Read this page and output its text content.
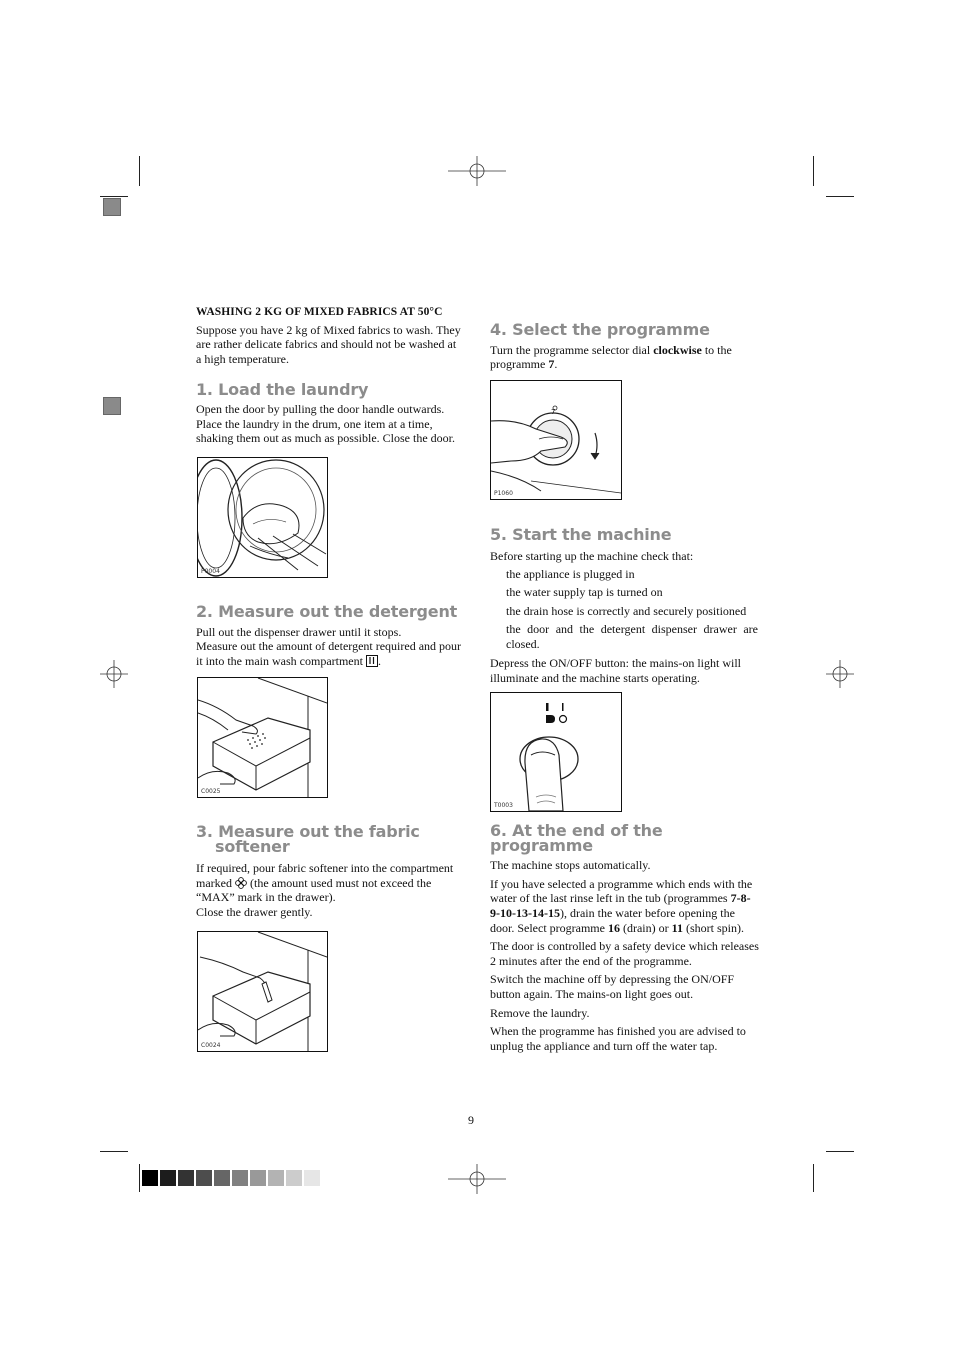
WASHING 2 KG OF MIXED FABRICS AT 50°C

Suppose you have 2 kg of Mixed fabrics to wash. They are rather delicate fabrics and should not be washed at a high temperature.

1. Load the laundry

Open the door by pulling the door handle outwards. Place the laundry in the drum, one item at a time, shaking them out as much as possible. Close the door.

P0004
2. Measure out the detergent

Pull out the dispenser drawer until it stops.

Measure out the amount of detergent required and pour it into the main wash compartment .

C0025
3. Measure out the fabric
softener

If required, pour fabric softener into the compartment marked (the amount used must not exceed the “MAX” mark in the drawer).

Close the drawer gently.

C0024
4. Select the programme

Turn the programme selector dial clockwise to the programme 7.

7
P1060
5. Start the machine

Before starting up the machine check that:

the appliance is plugged in

the water supply tap is turned on

the drain hose is correctly and securely positioned

the door and the detergent dispenser drawer are closed.

Depress the ON/OFF button: the mains-on light will illuminate and the machine starts operating.

T0003
6. At the end of the programme

The machine stops automatically.

If you have selected a programme which ends with the water of the last rinse left in the tub (programmes 7-8-9-10-13-14-15), drain the water before opening the door. Select programme 16 (drain) or 11 (short spin).

The door is controlled by a safety device which releases 2 minutes after the end of the programme.

Switch the machine off by depressing the ON/OFF button again. The mains-on light goes out.

Remove the laundry.

When the programme has finished you are advised to unplug the appliance and turn off the water tap.

9
